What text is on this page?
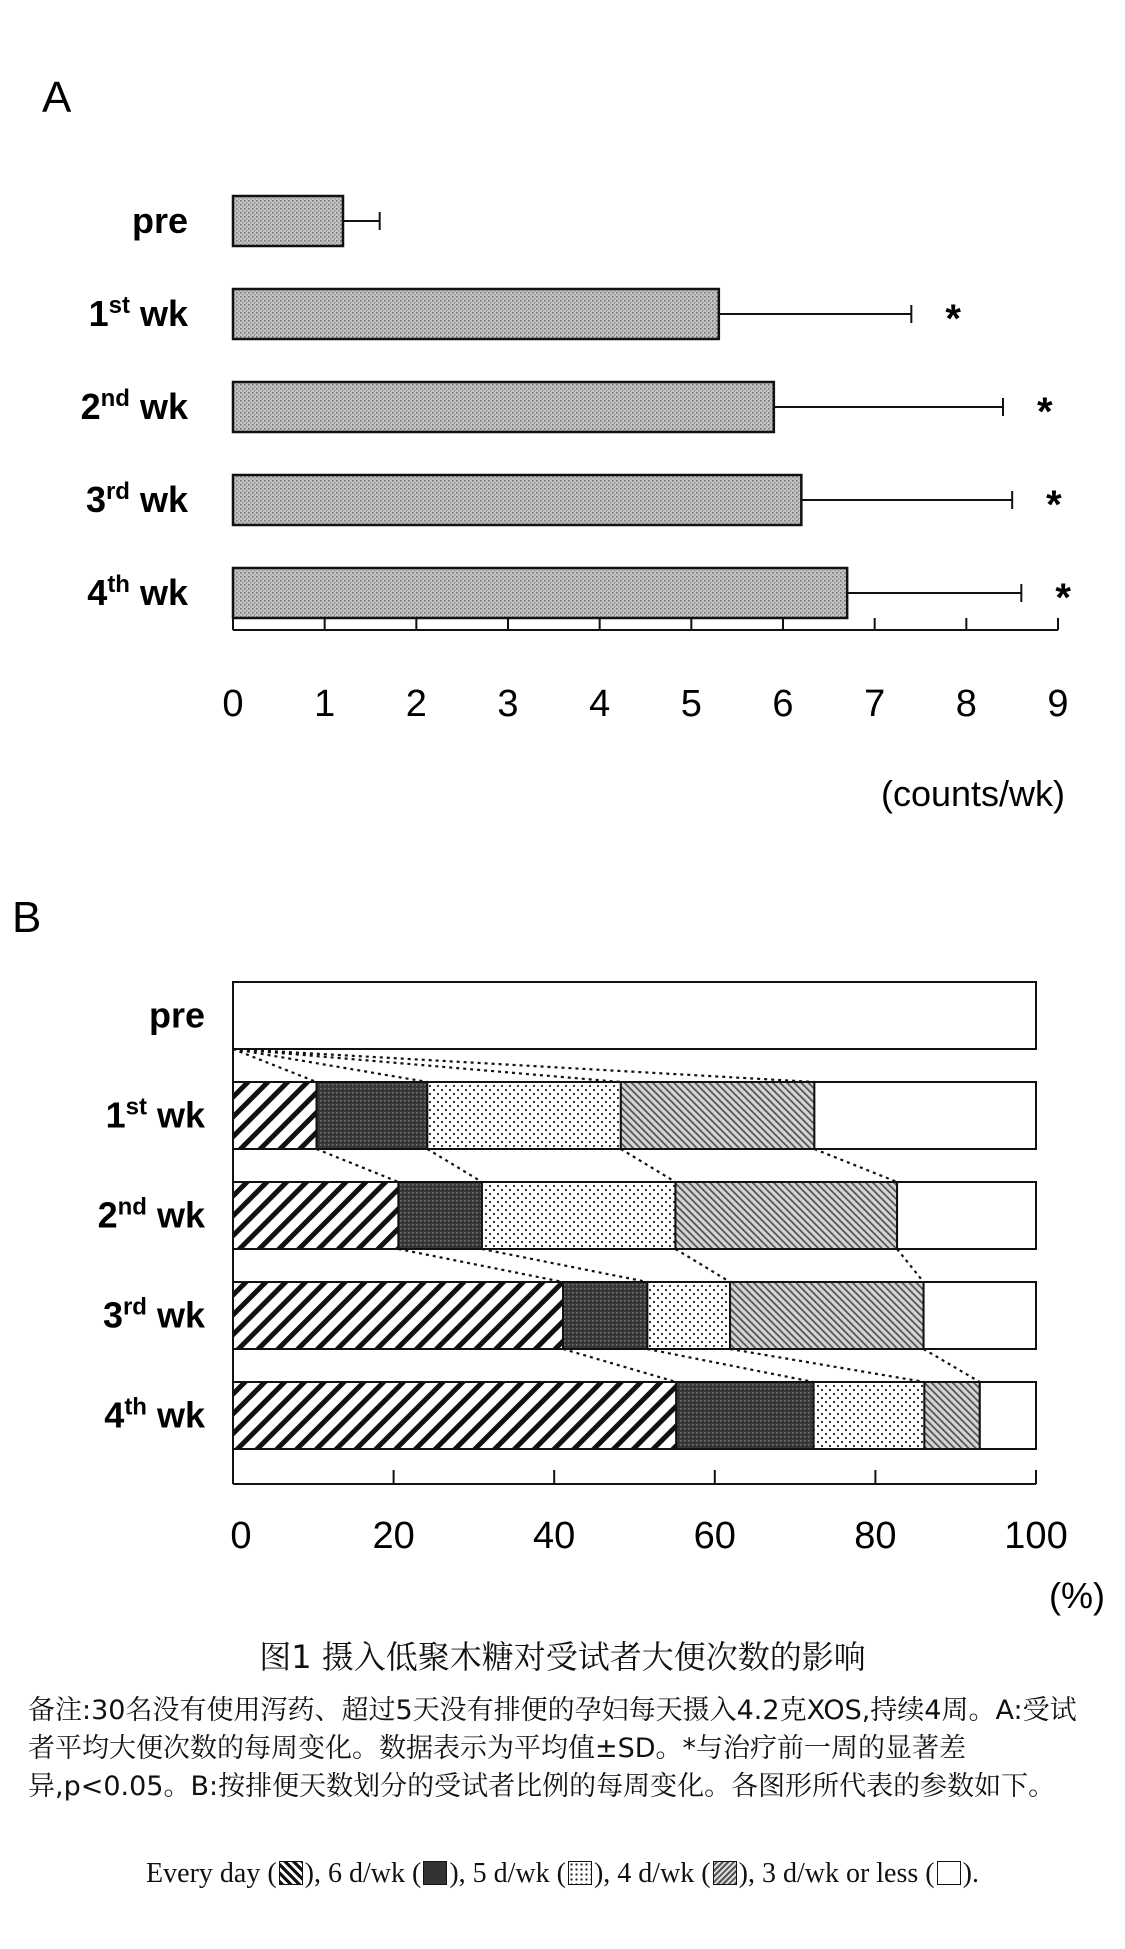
A
pre
1st wk
2nd wk
3rd wk
4th wk
*
*
*
*
0 1 2 3 4 5 6 7 8 9
(counts/wk)
B
pre
1st wk
2nd wk
3rd wk
4th wk
0	20	40	60	80	100
(%)
图1 摄入低聚木糖对受试者大便次数的影响
备注:30名没有使用泻药、超过5天没有排便的孕妇每天摄入4.2克XOS,持续4周。A:受试者平均大便次数的每周变化。数据表示为平均值±SD。*与治疗前一周的显著差异,p<0.05。B:按排便天数划分的受试者比例的每周变化。各图形所代表的参数如下。
Every day ( ), 6 d/wk ( ), 5 d/wk ( ), 4 d/wk ( ), 3 d/wk or less ( ).
